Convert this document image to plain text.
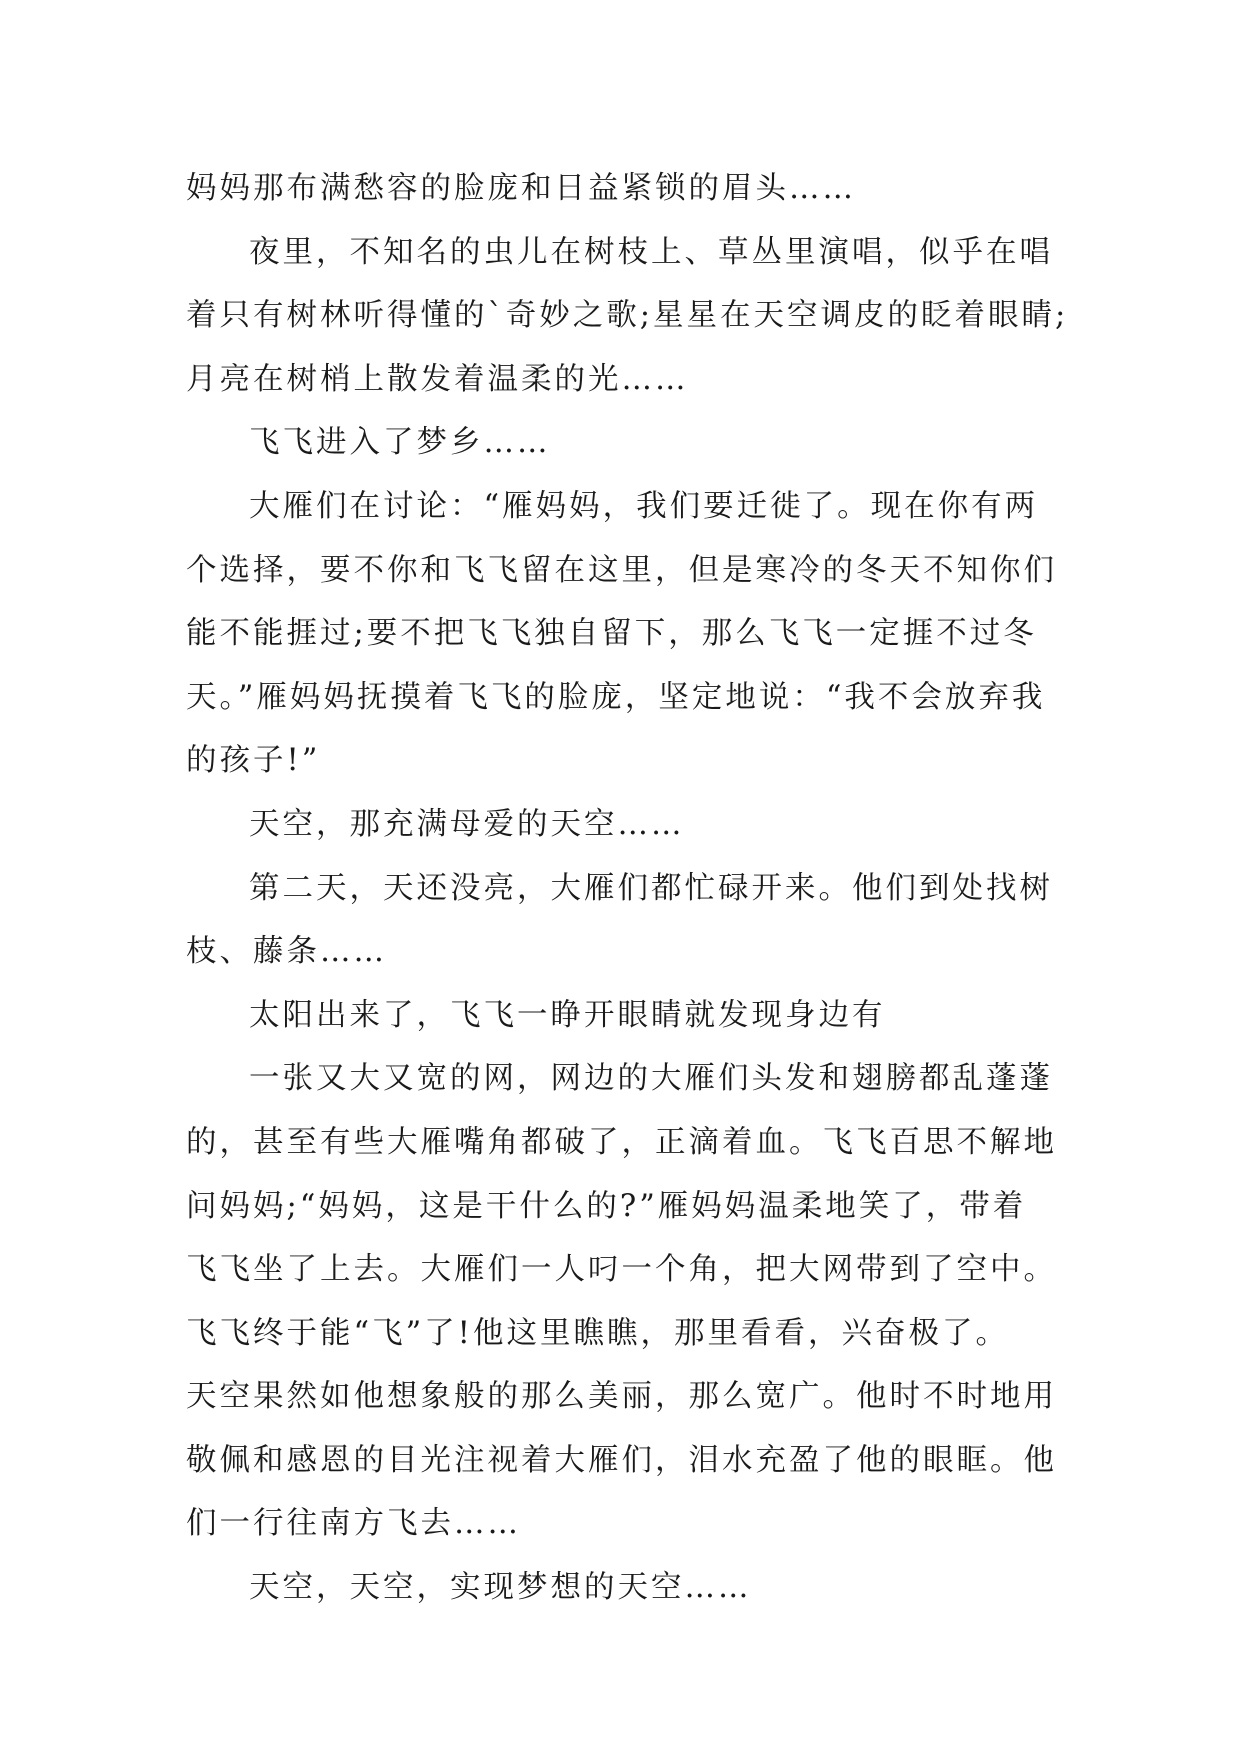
妈妈那布满愁容的脸庞和日益紧锁的眉头……
夜里，不知名的虫儿在树枝上、草丛里演唱，似乎在唱
着只有树林听得懂的`奇妙之歌;星星在天空调皮的眨着眼睛;
月亮在树梢上散发着温柔的光……
飞飞进入了梦乡……
大雁们在讨论：“雁妈妈，我们要迁徙了。现在你有两
个选择，要不你和飞飞留在这里，但是寒冷的冬天不知你们
能不能捱过;要不把飞飞独自留下，那么飞飞一定捱不过冬
天。”雁妈妈抚摸着飞飞的脸庞，坚定地说：“我不会放弃我
的孩子!”
天空，那充满母爱的天空……
第二天，天还没亮，大雁们都忙碌开来。他们到处找树
枝、藤条……
太阳出来了，飞飞一睁开眼睛就发现身边有
一张又大又宽的网，网边的大雁们头发和翅膀都乱蓬蓬
的，甚至有些大雁嘴角都破了，正滴着血。飞飞百思不解地
问妈妈;“妈妈，这是干什么的?”雁妈妈温柔地笑了，带着
飞飞坐了上去。大雁们一人叼一个角，把大网带到了空中。
飞飞终于能“飞”了!他这里瞧瞧，那里看看，兴奋极了。
天空果然如他想象般的那么美丽，那么宽广。他时不时地用
敬佩和感恩的目光注视着大雁们，泪水充盈了他的眼眶。他
们一行往南方飞去……
天空，天空，实现梦想的天空……
